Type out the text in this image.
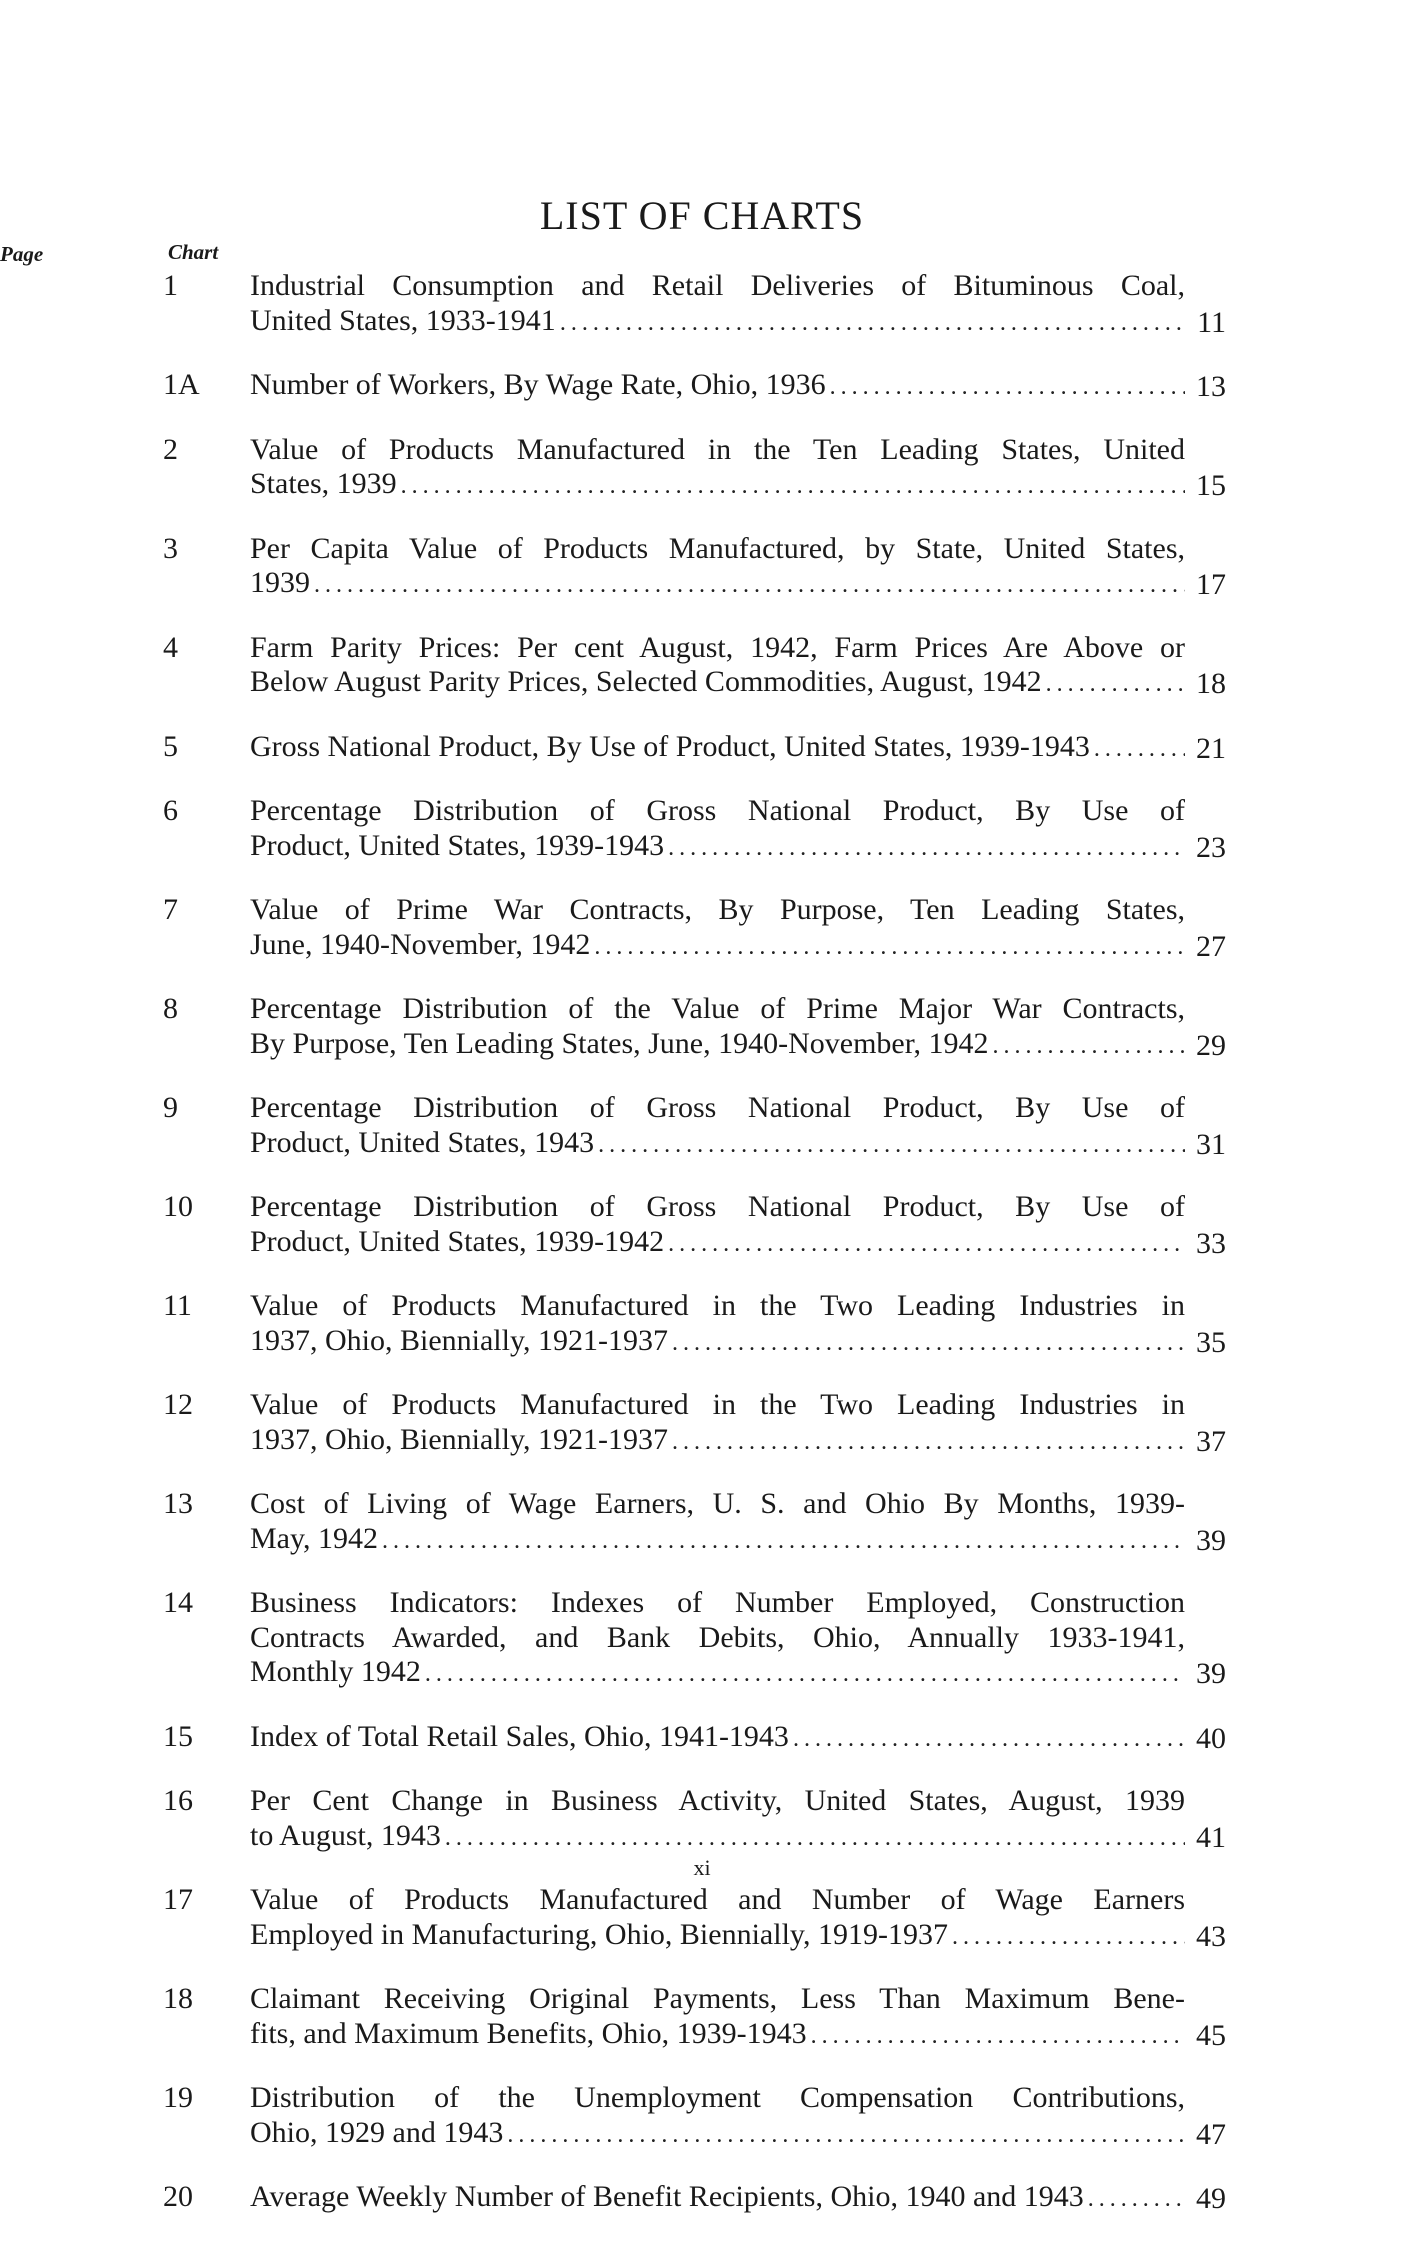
LIST OF CHARTS
Chart
Page
1	Industrial Consumption and Retail Deliveries of Bituminous Coal,
United States, 1933-1941 .....	11
1A	Number of Workers, By Wage Rate, Ohio, 1936 .....	13
2	Value of Products Manufactured in the Ten Leading States, United
States, 1939 .....	15
3	Per Capita Value of Products Manufactured, by State, United States,
1939 .....	17
4	Farm Parity Prices: Per cent August, 1942, Farm Prices Are Above or
Below August Parity Prices, Selected Commodities, August, 1942 .....	18
5	Gross National Product, By Use of Product, United States, 1939-1943 .....	21
6	Percentage Distribution of Gross National Product, By Use of
Product, United States, 1939-1943 .....	23
7	Value of Prime War Contracts, By Purpose, Ten Leading States,
June, 1940-November, 1942 .....	27
8	Percentage Distribution of the Value of Prime Major War Contracts,
By Purpose, Ten Leading States, June, 1940-November, 1942 .....	29
9	Percentage Distribution of Gross National Product, By Use of
Product, United States, 1943 .....	31
10	Percentage Distribution of Gross National Product, By Use of
Product, United States, 1939-1942 .....	33
11	Value of Products Manufactured in the Two Leading Industries in
1937, Ohio, Biennially, 1921-1937 .....	35
12	Value of Products Manufactured in the Two Leading Industries in
1937, Ohio, Biennially, 1921-1937 .....	37
13	Cost of Living of Wage Earners, U. S. and Ohio By Months, 1939-
May, 1942 .....	39
14	Business Indicators: Indexes of Number Employed, Construction
Contracts Awarded, and Bank Debits, Ohio, Annually 1933-1941,
Monthly 1942 .....	39
15	Index of Total Retail Sales, Ohio, 1941-1943 .....	40
16	Per Cent Change in Business Activity, United States, August, 1939
to August, 1943 .....	41
17	Value of Products Manufactured and Number of Wage Earners
Employed in Manufacturing, Ohio, Biennially, 1919-1937 .....	43
18	Claimant Receiving Original Payments, Less Than Maximum Bene-
fits, and Maximum Benefits, Ohio, 1939-1943 .....	45
19	Distribution of the Unemployment Compensation Contributions,
Ohio, 1929 and 1943 .....	47
20	Average Weekly Number of Benefit Recipients, Ohio, 1940 and 1943 .....	49
xi
